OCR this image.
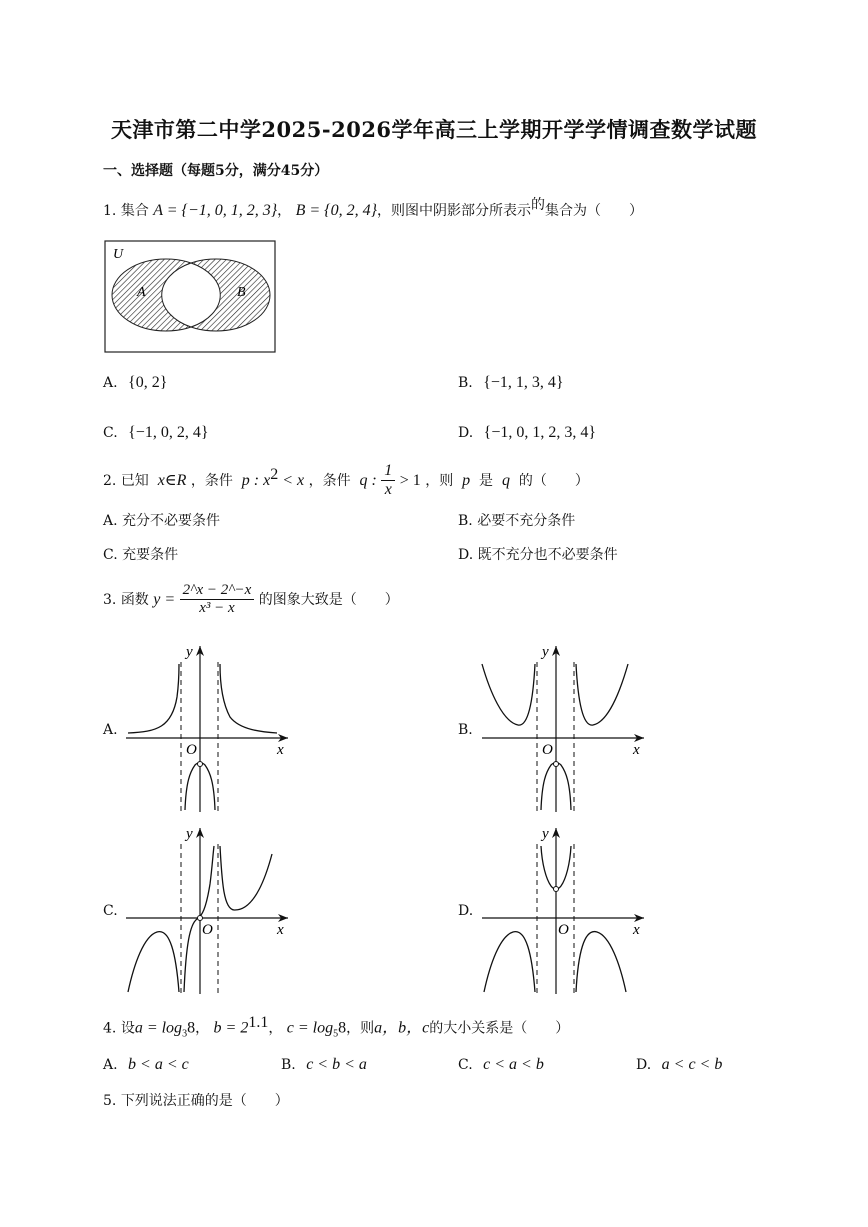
天津市第二中学2025-2026学年高三上学期开学学情调查数学试题
一、选择题（每题5分，满分45分）
1. 集合 A = {−1, 0, 1, 2, 3}， B = {0, 2, 4}，则图中阴影部分所表示的集合为（　　）
U
A	B
A. {0, 2}	B. {−1, 1, 3, 4}
C. {−1, 0, 2, 4}	D. {−1, 0, 1, 2, 3, 4}
2. 已知 x∈R ，条件 p : $x^2 < x$ ，条件 q : $\frac{1}{x} > 1$ ，则 p 是 q 的（　　）
A. 充分不必要条件	B. 必要不充分条件
C. 充要条件	D. 既不充分也不必要条件
3. 函数 $y = \frac{2\^{}x - 2\^{}-x}{\text{x³ − x}}$ 的图象大致是（　　）
A.
O	x
y
B.
O	x
y
C.
O	x
y
D.
O	x
y
4. 设$a = \log_38$， $b = 2^{1.1}$， $c = \log_58$，则a，b，c的大小关系是（　　）
A. b < a < c	B. c < b < a	C. c < a < b	D. a < c < b
5. 下列说法正确的是（　　）
